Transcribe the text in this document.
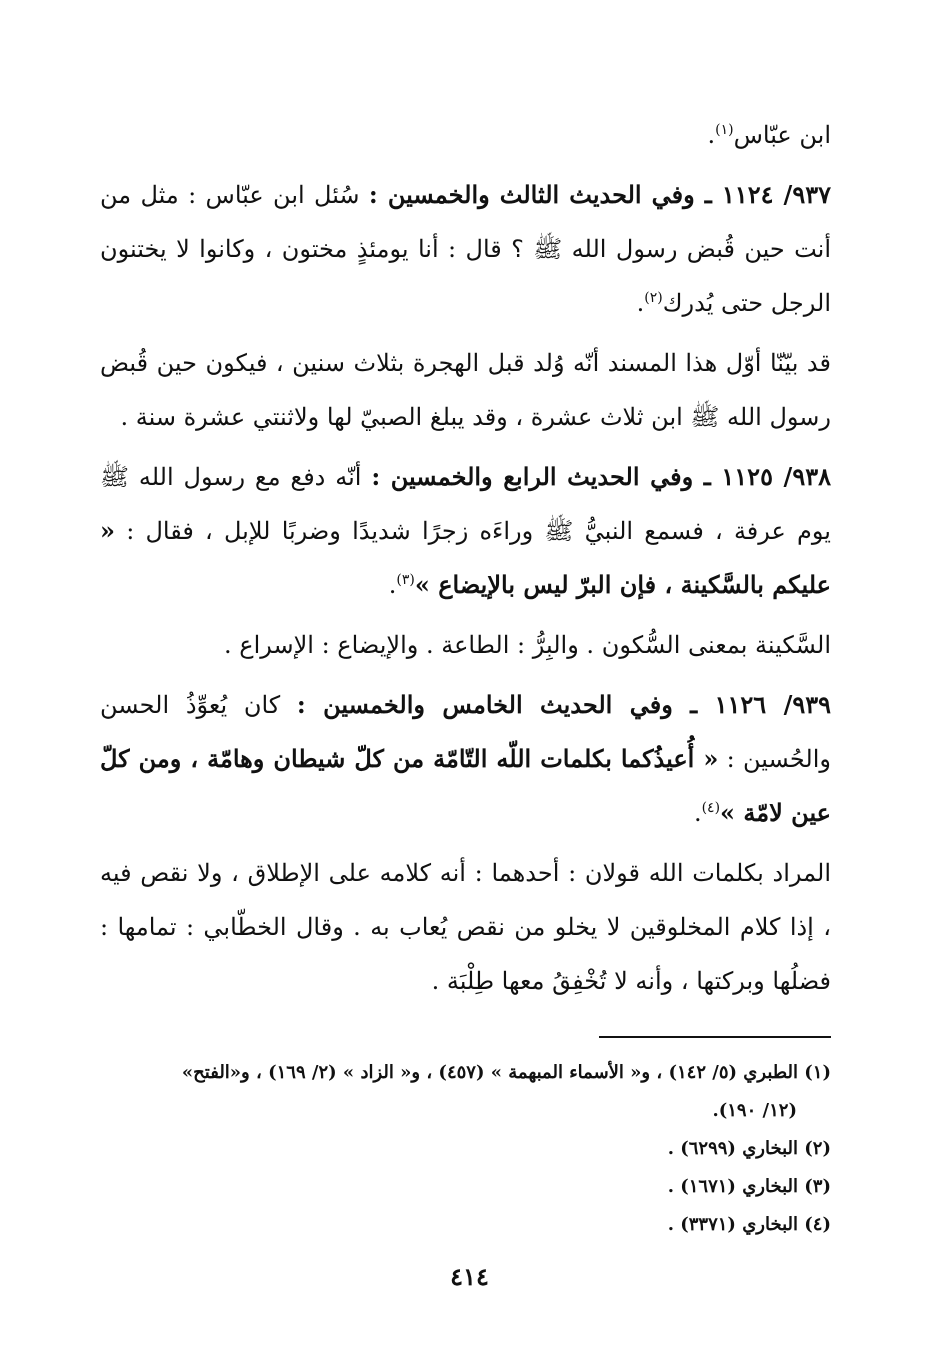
ابن عبّاس$^{(١)}$.

٩٣٧/ ١١٢٤ ـ وفي الحديث الثالث والخمسين : سُئل ابن عبّاس : مثل من أنت حين قُبض رسول الله ﷺ ؟ قال : أنا يومئذٍ مختون ، وكانوا لا يختنون الرجل حتى يُدرك$^{(٢)}$.

قد بيّنّا أوّل هذا المسند أنّه وُلد قبل الهجرة بثلاث سنين ، فيكون حين قُبض رسول الله ﷺ ابن ثلاث عشرة ، وقد يبلغ الصبيّ لها ولاثنتي عشرة سنة .

٩٣٨/ ١١٢٥ ـ وفي الحديث الرابع والخمسين : أنّه دفع مع رسول الله ﷺ يوم عرفة ، فسمع النبيُّ ﷺ وراءَه زجرًا شديدًا وضربًا للإبل ، فقال : « عليكم بالسَّكينة ، فإن البرّ ليس بالإيضاع »$^{(٣)}$.

السَّكينة بمعنى السُّكون . والبِرُّ : الطاعة . والإيضاع : الإسراع .

٩٣٩/ ١١٢٦ ـ وفي الحديث الخامس والخمسين : كان يُعوِّذُ الحسن والحُسين : « أُعيذُكما بكلمات اللّه التّامّة من كلّ شيطان وهامّة ، ومن كلّ عين لامّة »$^{(٤)}$.

المراد بكلمات الله قولان : أحدهما : أنه كلامه على الإطلاق ، ولا نقص فيه ، إذا كلام المخلوقين لا يخلو من نقص يُعاب به . وقال الخطّابي : تمامها : فضلُها وبركتها ، وأنه لا تُخْفِقُ معها طِلْبَة .

(١) الطبري (٥/ ١٤٢) ، و« الأسماء المبهمة » (٤٥٧) ، و« الزاد » (٢/ ١٦٩) ، و«الفتح»
(١٢/ ١٩٠).
(٢) البخاري (٦٢٩٩) .
(٣) البخاري (١٦٧١) .
(٤) البخاري (٣٣٧١) .
٤١٤
